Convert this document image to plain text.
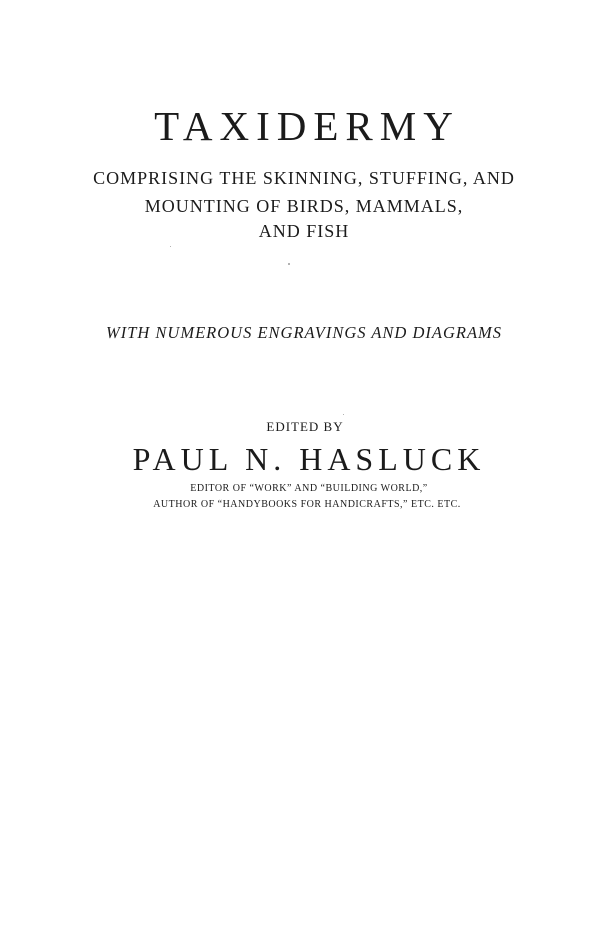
TAXIDERMY
COMPRISING THE SKINNING, STUFFING, AND
MOUNTING OF BIRDS, MAMMALS,
AND FISH
WITH NUMEROUS ENGRAVINGS AND DIAGRAMS
EDITED BY
PAUL N. HASLUCK
EDITOR OF “WORK” AND “BUILDING WORLD,”
AUTHOR OF “HANDYBOOKS FOR HANDICRAFTS,” ETC. ETC.
